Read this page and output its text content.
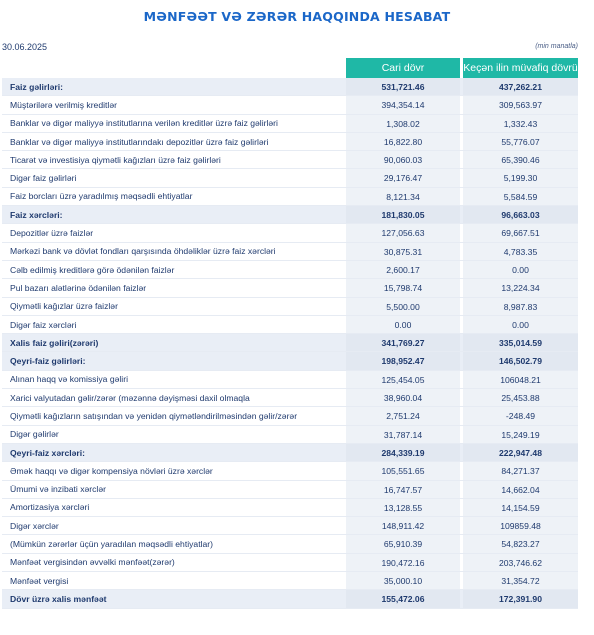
MƏNFƏƏT VƏ ZƏRƏR HAQQINDA HESABAT
30.06.2025	(min manatla)
Cari dövr	Keçən ilin müvafiq dövrü
Faiz gəlirləri:	531,721.46	437,262.21
Müştərilərə verilmiş kreditlər	394,354.14	309,563.97
Banklar və digər maliyyə institutlarına verilən kreditlər üzrə faiz gəlirləri	1,308.02	1,332.43
Banklar və digər maliyyə institutlarındakı depozitlər üzrə faiz gəlirləri	16,822.80	55,776.07
Ticarət və investisiya qiymətli kağızları üzrə faiz gəlirləri	90,060.03	65,390.46
Digər faiz gəlirləri	29,176.47	5,199.30
Faiz borcları üzrə yaradılmış məqsədli ehtiyatlar	8,121.34	5,584.59
Faiz xərcləri:	181,830.05	96,663.03
Depozitlər üzrə faizlər	127,056.63	69,667.51
Mərkəzi bank və dövlət fondları qarşısında öhdəliklər üzrə faiz xərcləri	30,875.31	4,783.35
Cəlb edilmiş kreditlərə görə ödənilən faizlər	2,600.17	0.00
Pul bazarı alətlərinə ödənilən faizlər	15,798.74	13,224.34
Qiymətli kağızlar üzrə faizlər	5,500.00	8,987.83
Digər faiz xərcləri	0.00	0.00
Xalis faiz gəliri(zərəri)	341,769.27	335,014.59
Qeyri-faiz gəlirləri:	198,952.47	146,502.79
Alınan haqq və komissiya gəliri	125,454.05	106048.21
Xarici valyutadan gəlir/zərər (məzənnə dəyişməsi daxil olmaqla	38,960.04	25,453.88
Qiymətli kağızların satışından və yenidən qiymətləndirilməsindən gəlir/zərər	2,751.24	-248.49
Digər gəlirlər	31,787.14	15,249.19
Qeyri-faiz xərcləri:	284,339.19	222,947.48
Əmək haqqı və digər kompensiya növləri üzrə xərclər	105,551.65	84,271.37
Ümumi və inzibati xərclər	16,747.57	14,662.04
Amortizasiya xərcləri	13,128.55	14,154.59
Digər xərclər	148,911.42	109859.48
(Mümkün zərərlər üçün yaradılan məqsədli ehtiyatlar)	65,910.39	54,823.27
Mənfəət vergisindən əvvəlki mənfəət(zərər)	190,472.16	203,746.62
Mənfəət vergisi	35,000.10	31,354.72
Dövr üzrə xalis mənfəət	155,472.06	172,391.90
